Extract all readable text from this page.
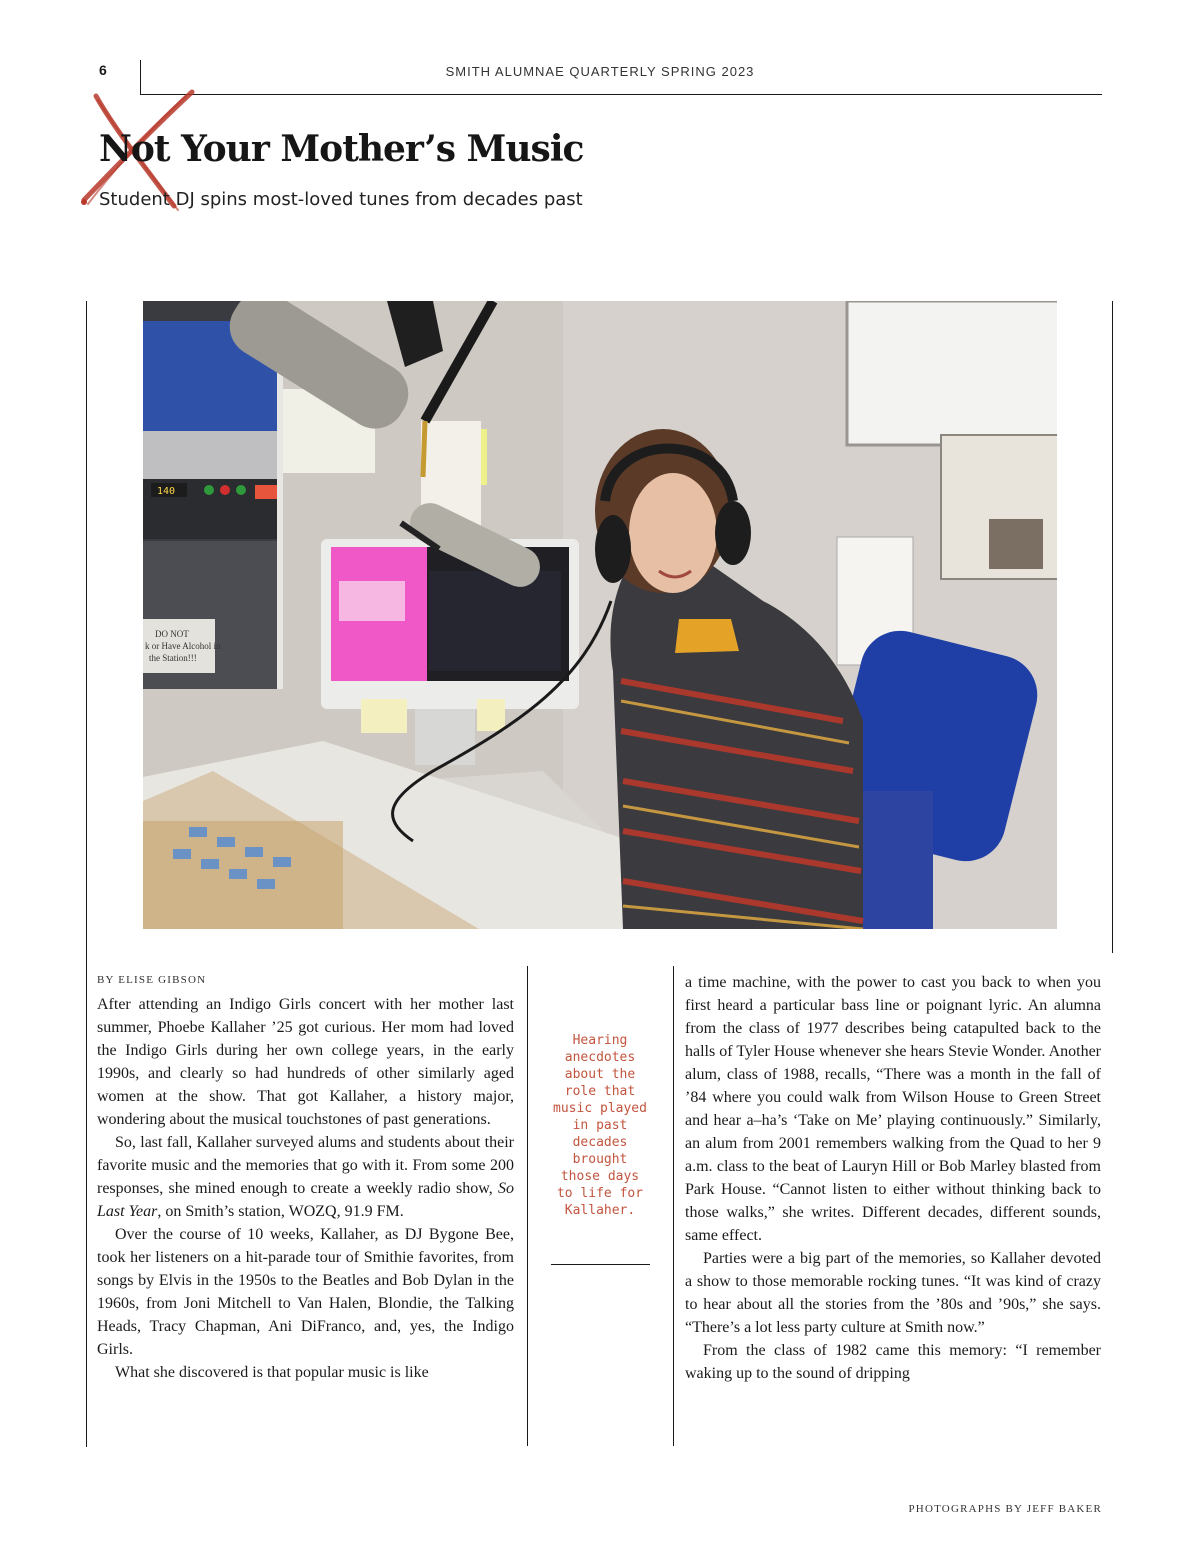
6	SMITH ALUMNAE QUARTERLY SPRING 2023
Not Your Mother’s Music
Student DJ spins most-loved tunes from decades past
140
DO NOT
k or Have Alcohol in
the Station!!!
BY ELISE GIBSON

After attending an Indigo Girls concert with her mother last summer, Phoebe Kallaher ’25 got curious. Her mom had loved the Indigo Girls during her own college years, in the early 1990s, and clearly so had hundreds of other similarly aged women at the show. That got Kallaher, a history major, wondering about the musical touchstones of past generations.

So, last fall, Kallaher surveyed alums and students about their favorite music and the memories that go with it. From some 200 responses, she mined enough to create a weekly radio show, So Last Year, on Smith’s station, WOZQ, 91.9 FM.

Over the course of 10 weeks, Kallaher, as DJ Bygone Bee, took her listeners on a hit-parade tour of Smithie favorites, from songs by Elvis in the 1950s to the Beatles and Bob Dylan in the 1960s, from Joni Mitchell to Van Halen, Blondie, the Talking Heads, Tracy Chapman, Ani DiFranco, and, yes, the Indigo Girls.

What she discovered is that popular music is like

Hearing anecdotes about the role that music played in past decades brought those days to life for Kallaher.

a time machine, with the power to cast you back to when you first heard a particular bass line or poignant lyric. An alumna from the class of 1977 describes being catapulted back to the halls of Tyler House whenever she hears Stevie Wonder. Another alum, class of 1988, recalls, “There was a month in the fall of ’84 where you could walk from Wilson House to Green Street and hear a–ha’s ‘Take on Me’ playing continuously.” Similarly, an alum from 2001 remembers walking from the Quad to her 9 a.m. class to the beat of Lauryn Hill or Bob Marley blasted from Park House. “Cannot listen to either without thinking back to those walks,” she writes. Different decades, different sounds, same effect.

Parties were a big part of the memories, so Kallaher devoted a show to those memorable rocking tunes. “It was kind of crazy to hear about all the stories from the ’80s and ’90s,” she says. “There’s a lot less party culture at Smith now.”

From the class of 1982 came this memory: “I remember waking up to the sound of dripping

PHOTOGRAPHS BY JEFF BAKER
